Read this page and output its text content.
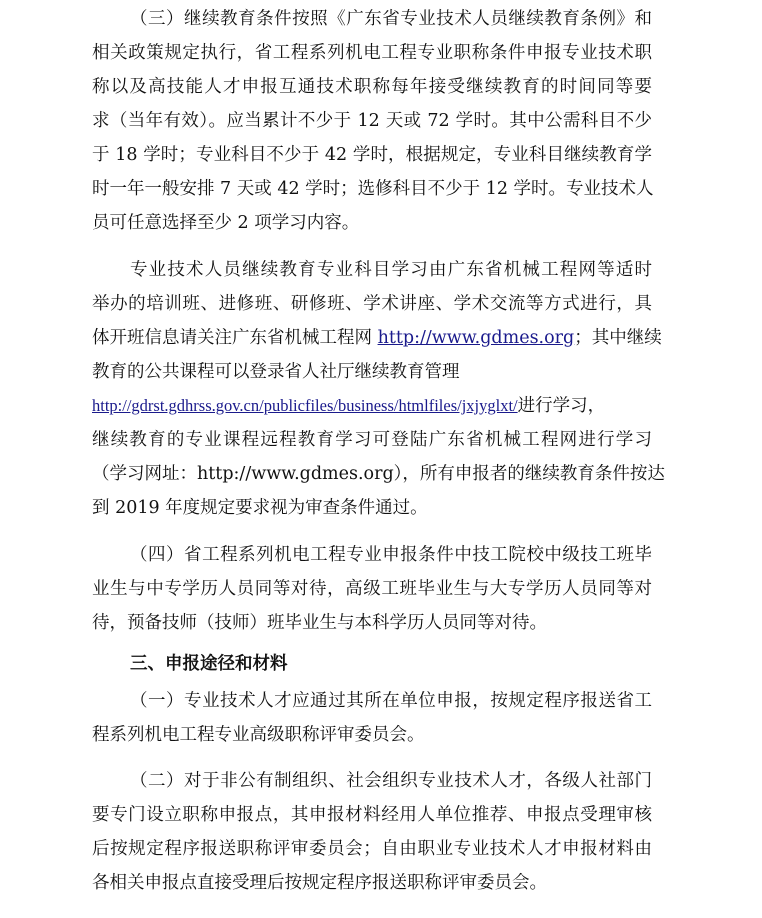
（三）继续教育条件按照《广东省专业技术人员继续教育条例》和
相关政策规定执行，省工程系列机电工程专业职称条件申报专业技术职
称以及高技能人才申报互通技术职称每年接受继续教育的时间同等要
求（当年有效）。应当累计不少于 12 天或 72 学时。其中公需科目不少
于 18 学时；专业科目不少于 42 学时，根据规定，专业科目继续教育学
时一年一般安排 7 天或 42 学时；选修科目不少于 12 学时。专业技术人
员可任意选择至少 2 项学习内容。
专业技术人员继续教育专业科目学习由广东省机械工程网等适时
举办的培训班、进修班、研修班、学术讲座、学术交流等方式进行，具
体开班信息请关注广东省机械工程网 http://www.gdmes.org；其中继续
教育的公共课程可以登录省人社厅继续教育管理
http://gdrst.gdhrss.gov.cn/publicfiles/business/htmlfiles/jxjyglxt/进行学习，
继续教育的专业课程远程教育学习可登陆广东省机械工程网进行学习
（学习网址：http://www.gdmes.org），所有申报者的继续教育条件按达
到 2019 年度规定要求视为审查条件通过。
（四）省工程系列机电工程专业申报条件中技工院校中级技工班毕
业生与中专学历人员同等对待，高级工班毕业生与大专学历人员同等对
待，预备技师（技师）班毕业生与本科学历人员同等对待。
三、申报途径和材料
（一）专业技术人才应通过其所在单位申报，按规定程序报送省工
程系列机电工程专业高级职称评审委员会。
（二）对于非公有制组织、社会组织专业技术人才，各级人社部门
要专门设立职称申报点，其申报材料经用人单位推荐、申报点受理审核
后按规定程序报送职称评审委员会；自由职业专业技术人才申报材料由
各相关申报点直接受理后按规定程序报送职称评审委员会。
